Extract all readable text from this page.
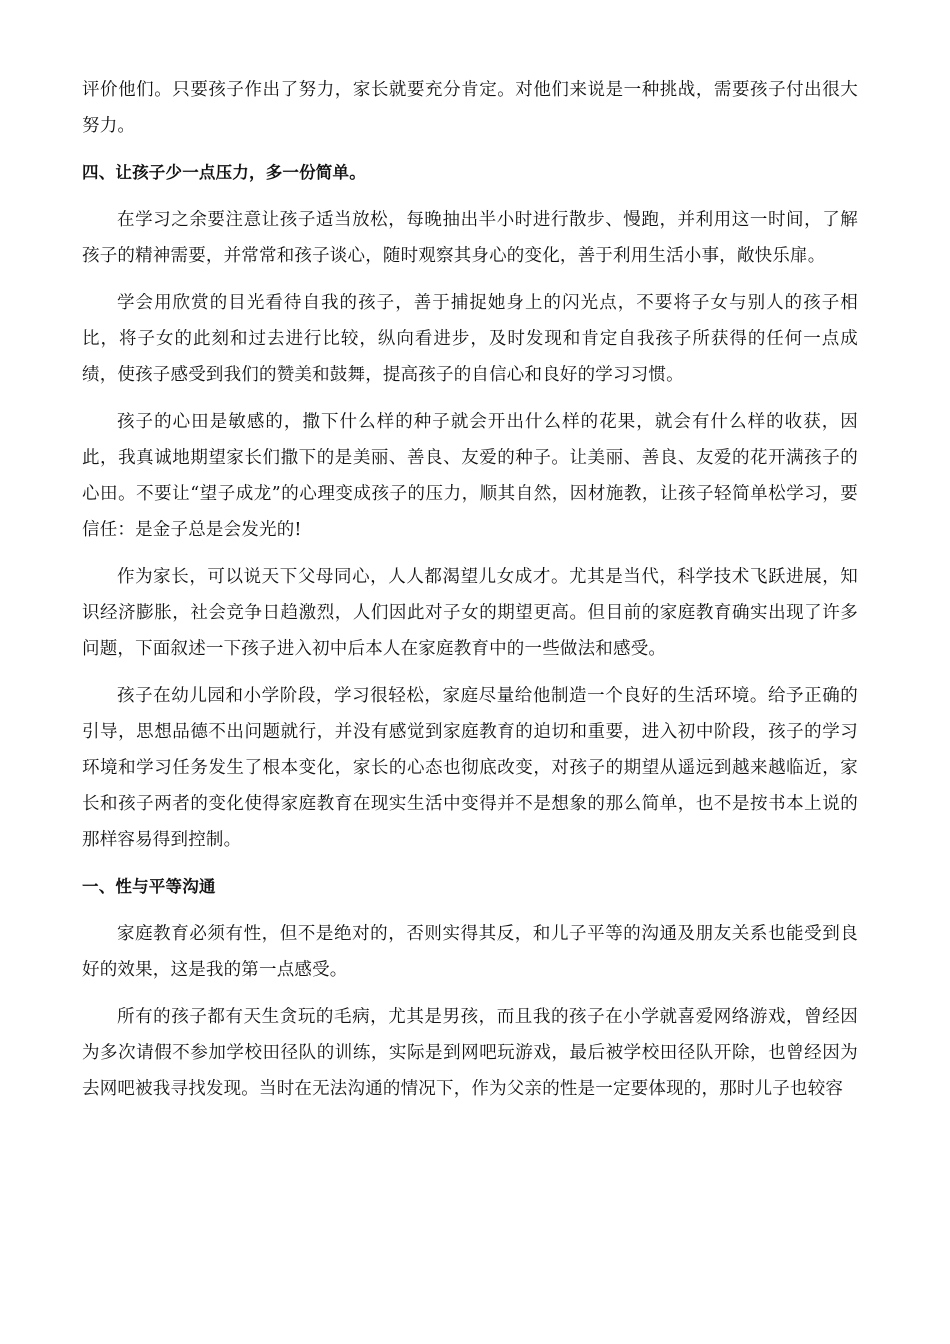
评价他们。只要孩子作出了努力，家长就要充分肯定。对他们来说是一种挑战，需要孩子付出很大努力。

四、让孩子少一点压力，多一份简单。

在学习之余要注意让孩子适当放松，每晚抽出半小时进行散步、慢跑，并利用这一时间，了解孩子的精神需要，并常常和孩子谈心，随时观察其身心的变化，善于利用生活小事，敞快乐扉。

学会用欣赏的目光看待自我的孩子，善于捕捉她身上的闪光点，不要将子女与别人的孩子相比，将子女的此刻和过去进行比较，纵向看进步，及时发现和肯定自我孩子所获得的任何一点成绩，使孩子感受到我们的赞美和鼓舞，提高孩子的自信心和良好的学习习惯。

孩子的心田是敏感的，撒下什么样的种子就会开出什么样的花果，就会有什么样的收获，因此，我真诚地期望家长们撒下的是美丽、善良、友爱的种子。让美丽、善良、友爱的花开满孩子的心田。不要让“望子成龙”的心理变成孩子的压力，顺其自然，因材施教，让孩子轻简单松学习，要信任：是金子总是会发光的!

作为家长，可以说天下父母同心，人人都渴望儿女成才。尤其是当代，科学技术飞跃进展，知识经济膨胀，社会竞争日趋激烈，人们因此对子女的期望更高。但目前的家庭教育确实出现了许多问题，下面叙述一下孩子进入初中后本人在家庭教育中的一些做法和感受。

孩子在幼儿园和小学阶段，学习很轻松，家庭尽量给他制造一个良好的生活环境。给予正确的引导，思想品德不出问题就行，并没有感觉到家庭教育的迫切和重要，进入初中阶段，孩子的学习环境和学习任务发生了根本变化，家长的心态也彻底改变，对孩子的期望从遥远到越来越临近，家长和孩子两者的变化使得家庭教育在现实生活中变得并不是想象的那么简单，也不是按书本上说的那样容易得到控制。

一、性与平等沟通

家庭教育必须有性，但不是绝对的，否则实得其反，和儿子平等的沟通及朋友关系也能受到良好的效果，这是我的第一点感受。

所有的孩子都有天生贪玩的毛病，尤其是男孩，而且我的孩子在小学就喜爱网络游戏，曾经因为多次请假不参加学校田径队的训练，实际是到网吧玩游戏，最后被学校田径队开除，也曾经因为去网吧被我寻找发现。当时在无法沟通的情况下，作为父亲的性是一定要体现的，那时儿子也较容
